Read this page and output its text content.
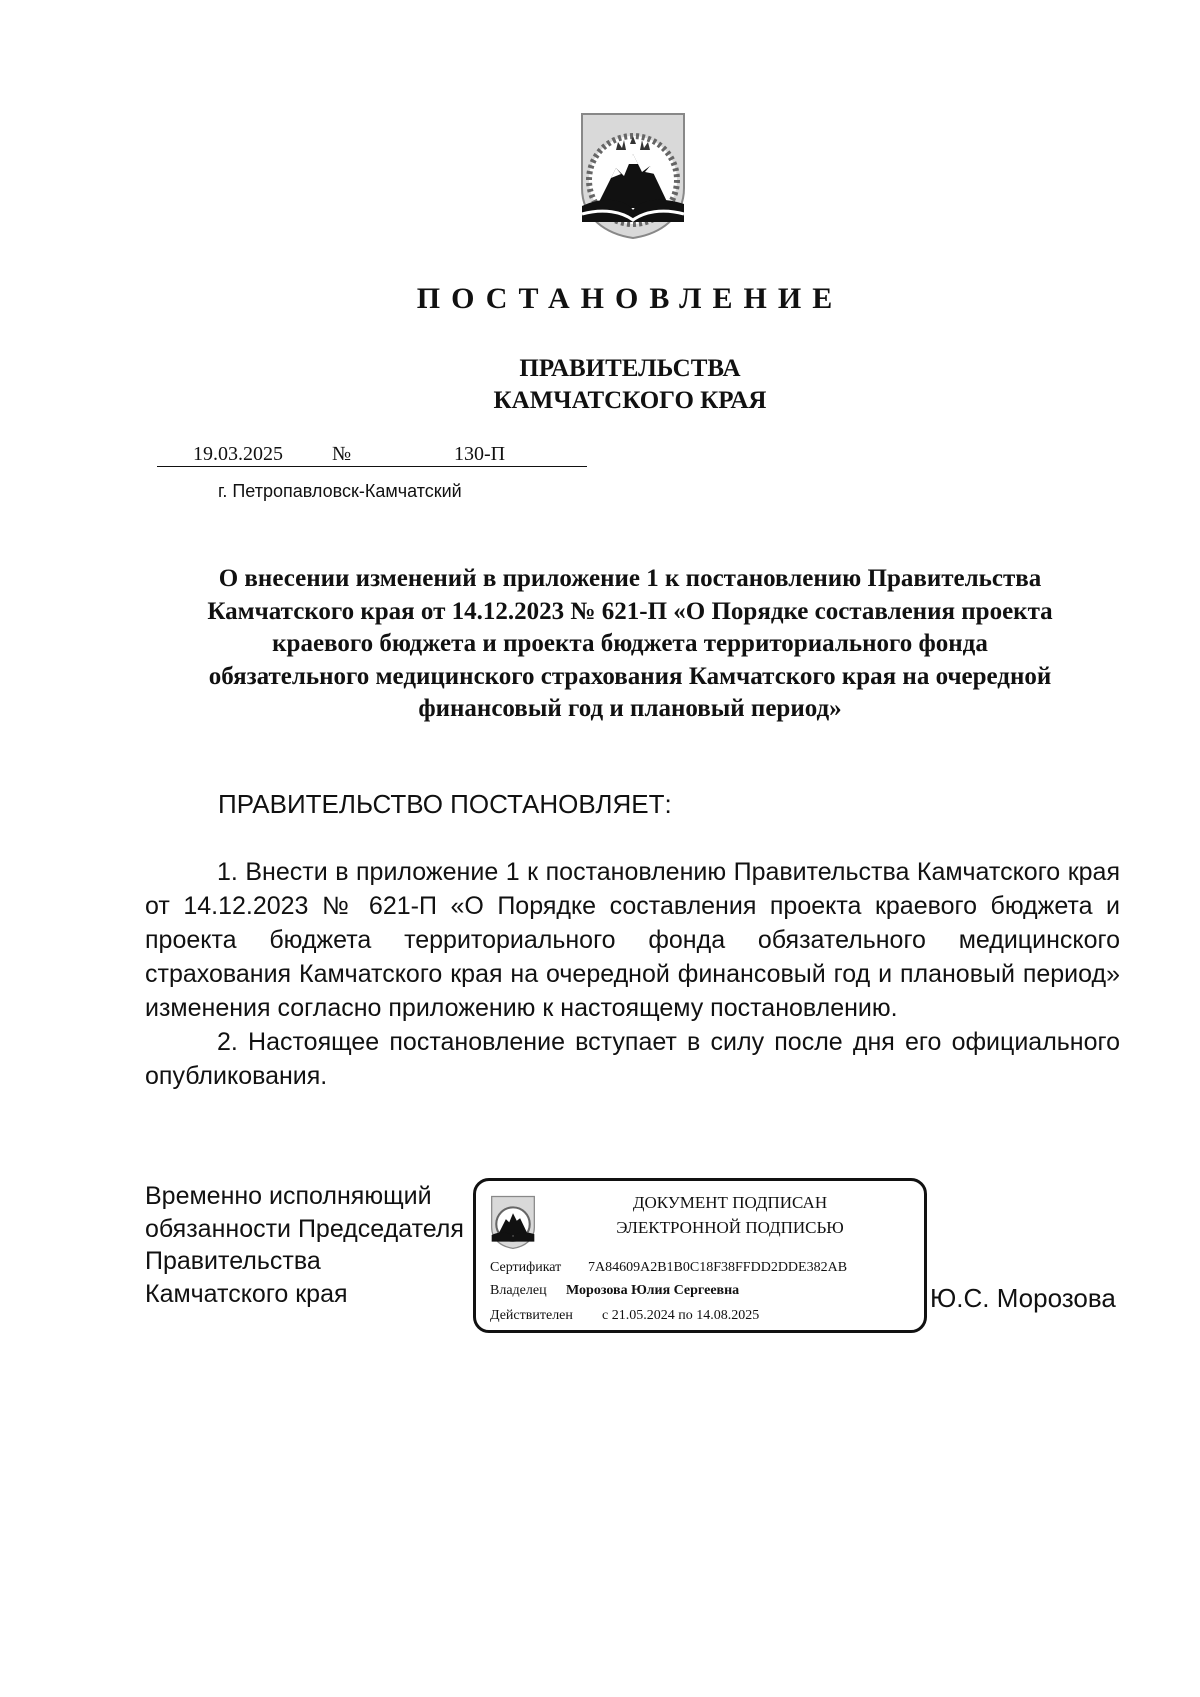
ПОСТАНОВЛЕНИЕ
ПРАВИТЕЛЬСТВА
КАМЧАТСКОГО КРАЯ
19.03.2025 №	130-П
г. Петропавловск-Камчатский
О внесении изменений в приложение 1 к постановлению Правительства
Камчатского края от 14.12.2023 № 621-П «О Порядке составления проекта
краевого бюджета и проекта бюджета территориального фонда
обязательного медицинского страхования Камчатского края на очередной
финансовый год и плановый период»
ПРАВИТЕЛЬСТВО ПОСТАНОВЛЯЕТ:

1. Внести в приложение 1 к постановлению Правительства Камчатского края от 14.12.2023 № 621-П «О Порядке составления проекта краевого бюджета и проекта бюджета территориального фонда обязательного медицинского страхования Камчатского края на очередной финансовый год и плановый период» изменения согласно приложению к настоящему постановлению.

2. Настоящее постановление вступает в силу после дня его официального опубликования.

Временно исполняющий
обязанности Председателя
Правительства
Камчатского края
ДОКУМЕНТ ПОДПИСАН
ЭЛЕКТРОННОЙ ПОДПИСЬЮ
Сертификат 7A84609A2B1B0C18F38FFDD2DDE382AB
Владелец Морозова Юлия Сергеевна
Действителен с 21.05.2024 по 14.08.2025
Ю.С. Морозова
